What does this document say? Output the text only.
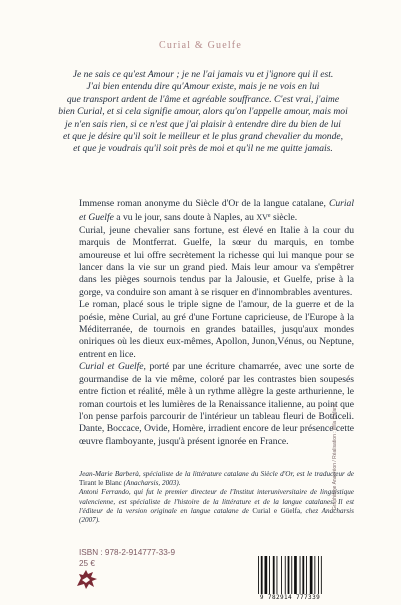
Curial & Guelfe
Je ne sais ce qu'est Amour ; je ne l'ai jamais vu et j'ignore qui il est.
J'ai bien entendu dire qu'Amour existe, mais je ne vois en lui
que transport ardent de l'âme et agréable souffrance. C'est vrai, j'aime
bien Curial, et si cela signifie amour, alors qu'on l'appelle amour, mais moi
je n'en sais rien, si ce n'est que j'ai plaisir à entendre dire du bien de lui
et que je désire qu'il soit le meilleur et le plus grand chevalier du monde,
et que je voudrais qu'il soit près de moi et qu'il ne me quitte jamais.

Immense roman anonyme du Siècle d'Or de la langue catalane, Curial et Guelfe a vu le jour, sans doute à Naples, au XVe siècle.

Curial, jeune chevalier sans fortune, est élevé en Italie à la cour du marquis de Montferrat. Guelfe, la sœur du marquis, en tombe amoureuse et lui offre secrètement la richesse qui lui manque pour se lancer dans la vie sur un grand pied. Mais leur amour va s'empêtrer dans les pièges sournois tendus par la Jalousie, et Guelfe, prise à la gorge, va conduire son amant à se risquer en d'innombrables aventures.

Le roman, placé sous le triple signe de l'amour, de la guerre et de la poésie, mène Curial, au gré d'une Fortune capricieuse, de l'Europe à la Méditerranée, de tournois en grandes batailles, jusqu'aux mondes oniriques où les dieux eux-mêmes, Apollon, Junon,Vénus, ou Neptune, entrent en lice.

Curial et Guelfe, porté par une écriture chamarrée, avec une sorte de gourmandise de la vie même, coloré par les contrastes bien soupesés entre fiction et réalité, mêle à un rythme allègre la geste arthurienne, le roman courtois et les lumières de la Renaissance italienne, au point que l'on pense parfois parcourir de l'intérieur un tableau fleuri de Botticeli. Dante, Boccace, Ovide, Homère, irradient encore de leur présence cette œuvre flamboyante, jusqu'à présent ignorée en France.

Jean-Marie Barberà, spécialiste de la littérature catalane du Siècle d'Or, est le traducteur de Tirant le Blanc (Anacharsis, 2003).

Antoni Ferrando, qui fut le premier directeur de l'Institut interuniversitaire de linguistique valencienne, est spécialiste de l'histoire de la littérature et de la langue catalanes. Il est l'éditeur de la version originale en langue catalane de Curial e Güelfa, chez Anacharsis (2007).

ISBN : 978-2-914777-33-9
25 €
Graphisme Anacréon / Réalisation : Mila Cafard
9 782914 777339
